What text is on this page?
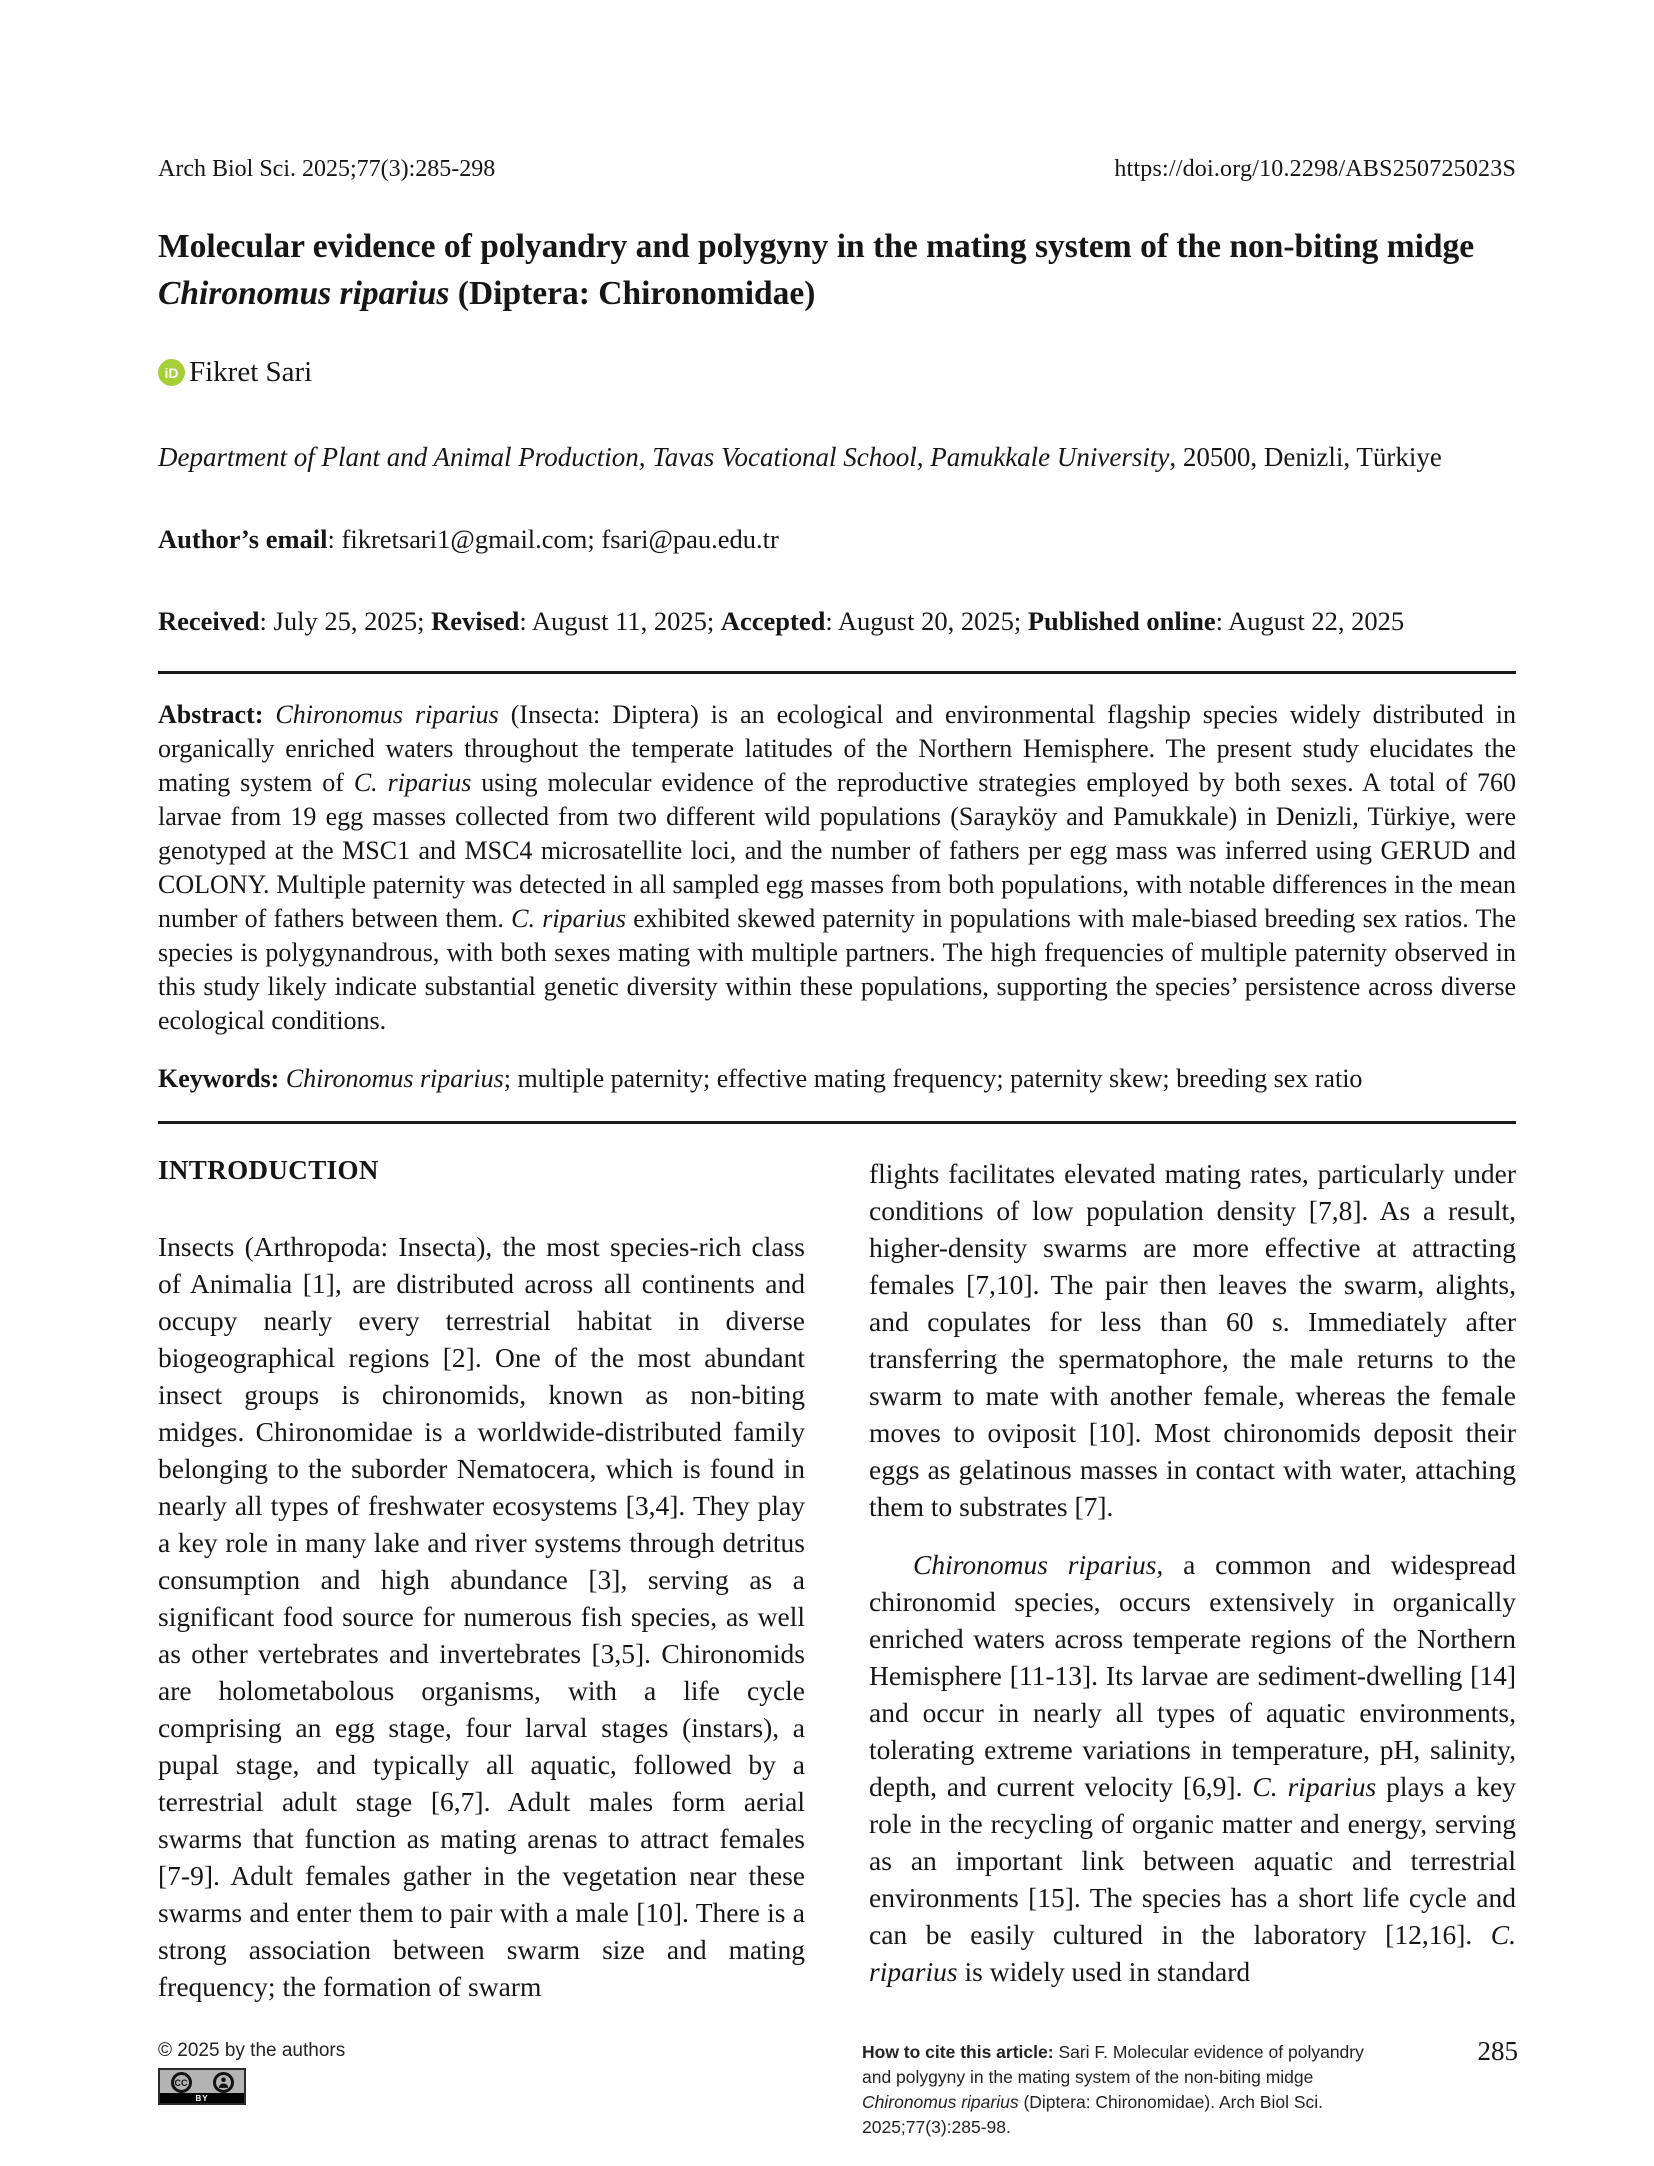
Arch Biol Sci. 2025;77(3):285-298	https://doi.org/10.2298/ABS250725023S
Molecular evidence of polyandry and polygyny in the mating system of the non-biting midge Chironomus riparius (Diptera: Chironomidae)
iD Fikret Sari

Department of Plant and Animal Production, Tavas Vocational School, Pamukkale University, 20500, Denizli, Türkiye

Author’s email: fikretsari1@gmail.com; fsari@pau.edu.tr

Received: July 25, 2025; Revised: August 11, 2025; Accepted: August 20, 2025; Published online: August 22, 2025

Abstract: Chironomus riparius (Insecta: Diptera) is an ecological and environmental flagship species widely distributed in organically enriched waters throughout the temperate latitudes of the Northern Hemisphere. The present study elucidates the mating system of C. riparius using molecular evidence of the reproductive strategies employed by both sexes. A total of 760 larvae from 19 egg masses collected from two different wild populations (Sarayköy and Pamukkale) in Denizli, Türkiye, were genotyped at the MSC1 and MSC4 microsatellite loci, and the number of fathers per egg mass was inferred using GERUD and COLONY. Multiple paternity was detected in all sampled egg masses from both populations, with notable differences in the mean number of fathers between them. C. riparius exhibited skewed paternity in populations with male-biased breeding sex ratios. The species is polygynandrous, with both sexes mating with multiple partners. The high frequencies of multiple paternity observed in this study likely indicate substantial genetic diversity within these populations, supporting the species’ persistence across diverse ecological conditions.

Keywords: Chironomus riparius; multiple paternity; effective mating frequency; paternity skew; breeding sex ratio

INTRODUCTION

Insects (Arthropoda: Insecta), the most species-rich class of Animalia [1], are distributed across all continents and occupy nearly every terrestrial habitat in diverse biogeographical regions [2]. One of the most abundant insect groups is chironomids, known as non-biting midges. Chironomidae is a worldwide-distributed family belonging to the suborder Nematocera, which is found in nearly all types of freshwater ecosystems [3,4]. They play a key role in many lake and river systems through detritus consumption and high abundance [3], serving as a significant food source for numerous fish species, as well as other vertebrates and invertebrates [3,5]. Chironomids are holometabolous organisms, with a life cycle comprising an egg stage, four larval stages (instars), a pupal stage, and typically all aquatic, followed by a terrestrial adult stage [6,7]. Adult males form aerial swarms that function as mating arenas to attract females [7-9]. Adult females gather in the vegetation near these swarms and enter them to pair with a male [10]. There is a strong association between swarm size and mating frequency; the formation of swarm

flights facilitates elevated mating rates, particularly under conditions of low population density [7,8]. As a result, higher-density swarms are more effective at attracting females [7,10]. The pair then leaves the swarm, alights, and copulates for less than 60 s. Immediately after transferring the spermatophore, the male returns to the swarm to mate with another female, whereas the female moves to oviposit [10]. Most chironomids deposit their eggs as gelatinous masses in contact with water, attaching them to substrates [7].

Chironomus riparius, a common and widespread chironomid species, occurs extensively in organically enriched waters across temperate regions of the Northern Hemisphere [11-13]. Its larvae are sediment-dwelling [14] and occur in nearly all types of aquatic environments, tolerating extreme variations in temperature, pH, salinity, depth, and current velocity [6,9]. C. riparius plays a key role in the recycling of organic matter and energy, serving as an important link between aquatic and terrestrial environments [15]. The species has a short life cycle and can be easily cultured in the laboratory [12,16]. C. riparius is widely used in standard

© 2025 by the authors

CC
BY

How to cite this article: Sari F. Molecular evidence of polyandry and polygyny in the mating system of the non-biting midge Chironomus riparius (Diptera: Chironomidae). Arch Biol Sci. 2025;77(3):285-98.

285
